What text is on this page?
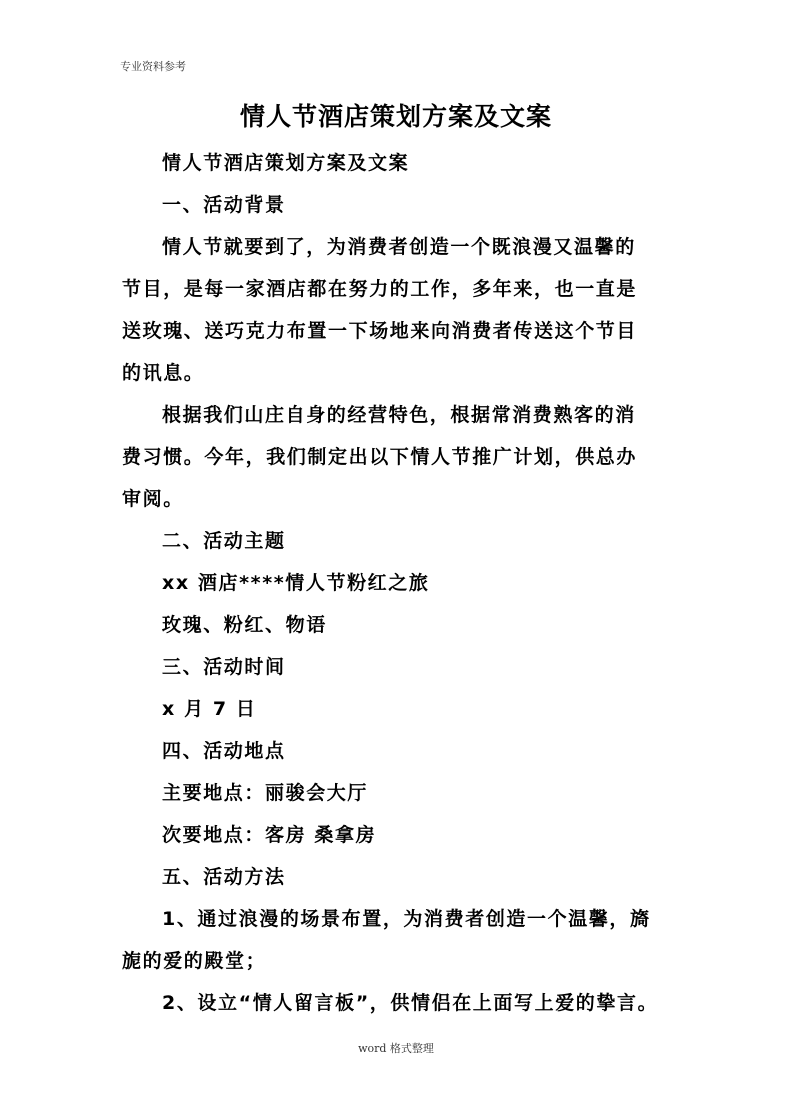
专业资料参考
情人节酒店策划方案及文案
情人节酒店策划方案及文案
一、活动背景
情人节就要到了，为消费者创造一个既浪漫又温馨的
节目，是每一家酒店都在努力的工作，多年来，也一直是
送玫瑰、送巧克力布置一下场地来向消费者传送这个节目
的讯息。
根据我们山庄自身的经营特色，根据常消费熟客的消
费习惯。今年，我们制定出以下情人节推广计划，供总办
审阅。
二、活动主题
xx 酒店****情人节粉红之旅
玫瑰、粉红、物语
三、活动时间
x 月 7 日
四、活动地点
主要地点：丽骏会大厅
次要地点：客房 桑拿房
五、活动方法
1、通过浪漫的场景布置，为消费者创造一个温馨，旖
旎的爱的殿堂；
2、设立“情人留言板”，供情侣在上面写上爱的挚言。
word 格式整理
